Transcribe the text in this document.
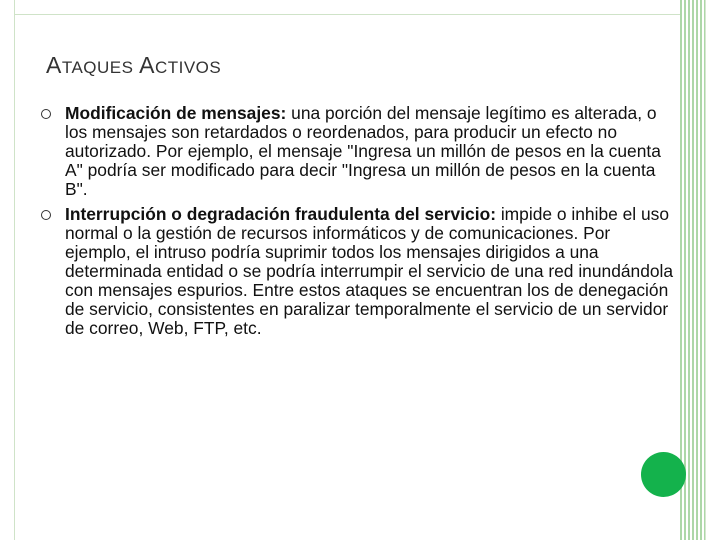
ATAQUES ACTIVOS
Modificación de mensajes: una porción del mensaje legítimo es alterada, o los mensajes son retardados o reordenados, para producir un efecto no autorizado. Por ejemplo, el mensaje "Ingresa un millón de pesos en la cuenta A" podría ser modificado para decir "Ingresa un millón de pesos en la cuenta B".
Interrupción o degradación fraudulenta del servicio: impide o inhibe el uso normal o la gestión de recursos informáticos y de comunicaciones. Por ejemplo, el intruso podría suprimir todos los mensajes dirigidos a una determinada entidad o se podría interrumpir el servicio de una red inundándola con mensajes espurios. Entre estos ataques se encuentran los de denegación de servicio, consistentes en paralizar temporalmente el servicio de un servidor de correo, Web, FTP, etc.
